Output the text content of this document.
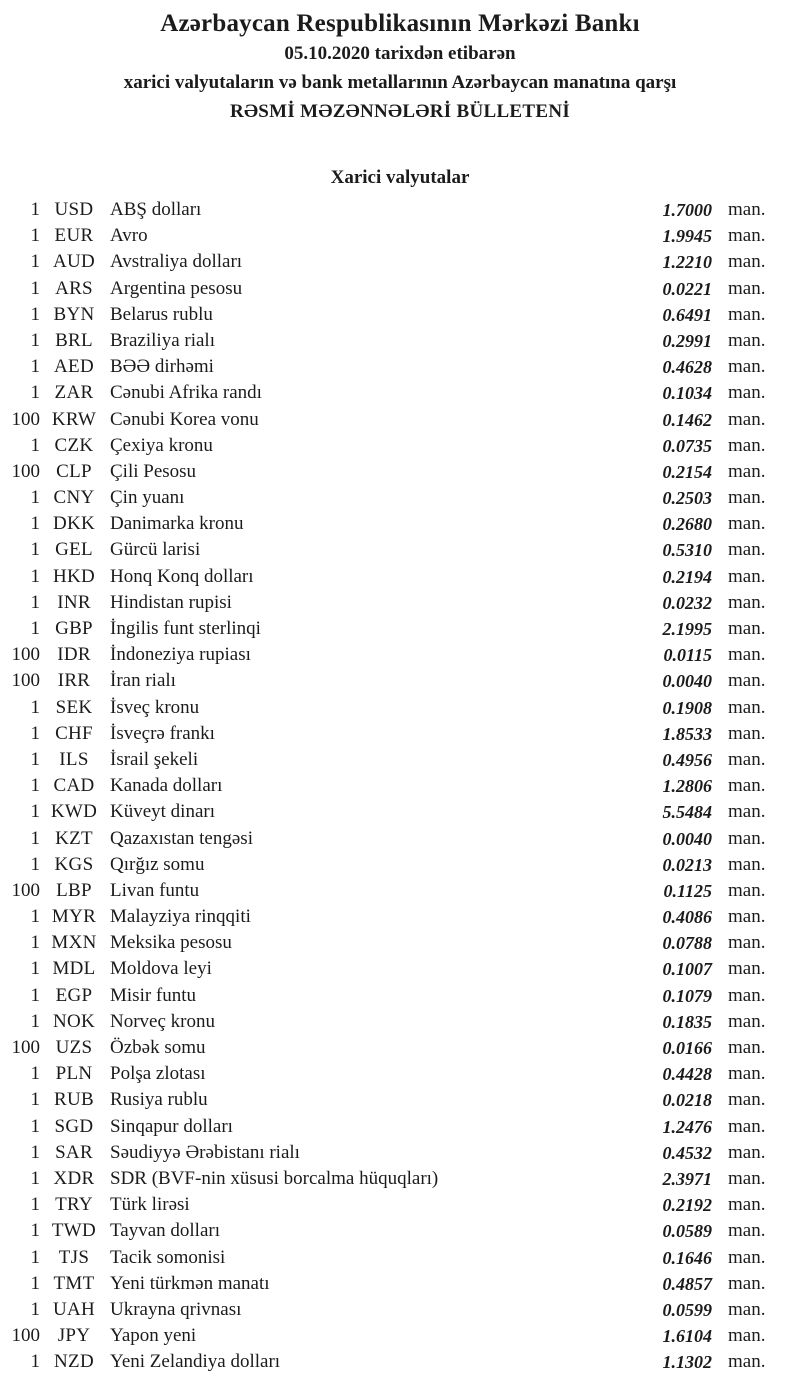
Azərbaycan Respublikasının Mərkəzi Bankı
05.10.2020 tarixdən etibarən
xarici valyutaların və bank metallarının Azərbaycan manatına qarşı
RƏSMİ MƏZƏNNƏLƏRİ BÜLLETENİ
Xarici valyutalar
1 USD ABŞ dolları	1.7000 man.
1 EUR Avro	1.9945 man.
1 AUD Avstraliya dolları	1.2210 man.
1 ARS Argentina pesosu	0.0221 man.
1 BYN Belarus rublu	0.6491 man.
1 BRL Braziliya rialı	0.2991 man.
1 AED BƏƏ dirhəmi	0.4628 man.
1 ZAR Cənubi Afrika randı	0.1034 man.
100 KRW Cənubi Korea vonu	0.1462 man.
1 CZK Çexiya kronu	0.0735 man.
100 CLP Çili Pesosu	0.2154 man.
1 CNY Çin yuanı	0.2503 man.
1 DKK Danimarka kronu	0.2680 man.
1 GEL Gürcü larisi	0.5310 man.
1 HKD Honq Konq dolları	0.2194 man.
1 INR	Hindistan rupisi	0.0232 man.
1 GBP İngilis funt sterlinqi	2.1995 man.
100 IDR	İndoneziya rupiası	0.0115 man.
100 IRR	İran rialı	0.0040 man.
1 SEK İsveç kronu	0.1908 man.
1 CHF İsveçrə frankı	1.8533 man.
1	ILS	İsrail şekeli	0.4956 man.
1 CAD Kanada dolları	1.2806 man.
1 KWD Küveyt dinarı	5.5484 man.
1 KZT Qazaxıstan tengəsi	0.0040 man.
1 KGS Qırğız somu	0.0213 man.
100 LBP Livan funtu	0.1125 man.
1 MYR Malayziya rinqqiti	0.4086 man.
1 MXN Meksika pesosu	0.0788 man.
1 MDL Moldova leyi	0.1007 man.
1 EGP Misir funtu	0.1079 man.
1 NOK Norveç kronu	0.1835 man.
100 UZS Özbək somu	0.0166 man.
1 PLN Polşa zlotası	0.4428 man.
1 RUB Rusiya rublu	0.0218 man.
1 SGD Sinqapur dolları	1.2476 man.
1 SAR Səudiyyə Ərəbistanı rialı	0.4532 man.
1 XDR SDR (BVF-nin xüsusi borcalma hüquqları)	2.3971 man.
1 TRY Türk lirəsi	0.2192 man.
1 TWD Tayvan dolları	0.0589 man.
1 TJS	Tacik somonisi	0.1646 man.
1 TMT Yeni türkmən manatı	0.4857 man.
1 UAH Ukrayna qrivnası	0.0599 man.
100 JPY	Yapon yeni	1.6104 man.
1 NZD Yeni Zelandiya dolları	1.1302 man.
